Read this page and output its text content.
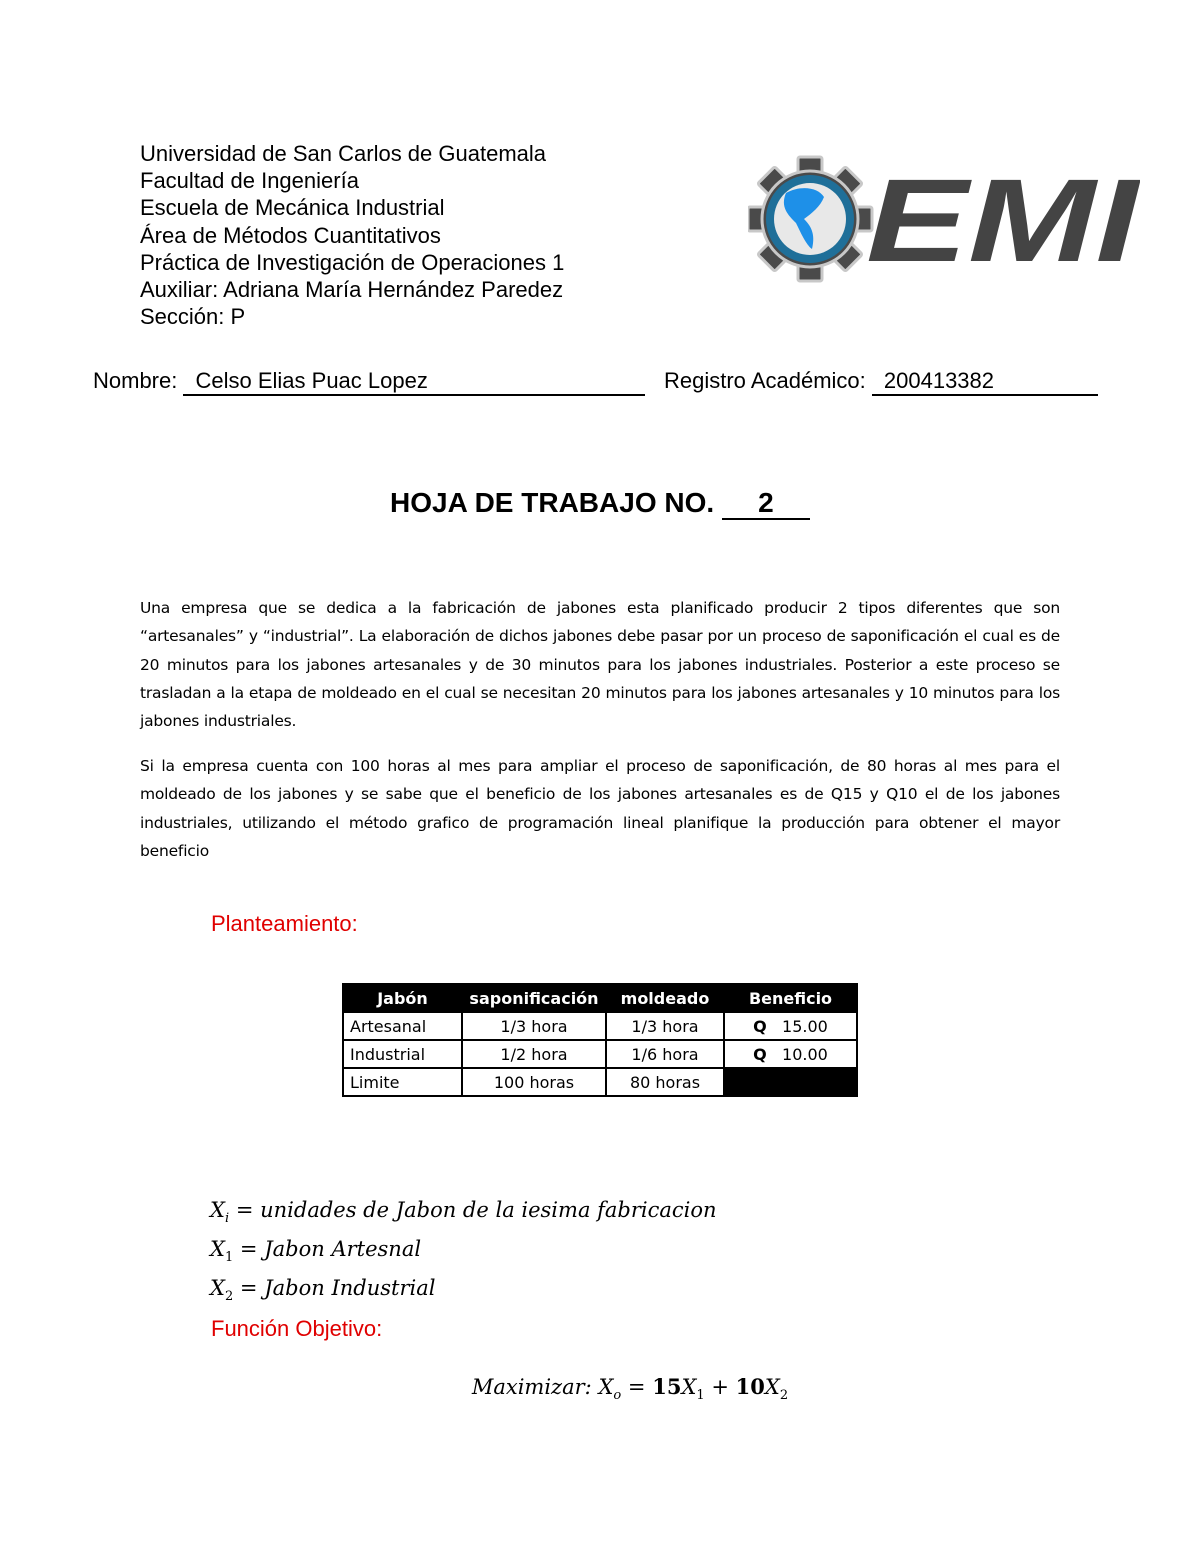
Universidad de San Carlos de Guatemala
Facultad de Ingeniería
Escuela de Mecánica Industrial
Área de Métodos Cuantitativos
Práctica de Investigación de Operaciones 1
Auxiliar: Adriana María Hernández Paredez
Sección: P
EMI
Nombre: Celso Elias Puac Lopez	Registro Académico: 200413382
HOJA DE TRABAJO NO. 2
Una empresa que se dedica a la fabricación de jabones esta planificado producir 2 tipos diferentes que son “artesanales” y “industrial”. La elaboración de dichos jabones debe pasar por un proceso de saponificación el cual es de 20 minutos para los jabones artesanales y de 30 minutos para los jabones industriales. Posterior a este proceso se trasladan a la etapa de moldeado en el cual se necesitan 20 minutos para los jabones artesanales y 10 minutos para los jabones industriales.
Si la empresa cuenta con 100 horas al mes para ampliar el proceso de saponificación, de 80 horas al mes para el moldeado de los jabones y se sabe que el beneficio de los jabones artesanales es de Q15 y Q10 el de los jabones industriales, utilizando el método grafico de programación lineal planifique la producción para obtener el mayor beneficio
Planteamiento:
Jabón	saponificación	moldeado	Beneficio
Artesanal	1/3 hora	1/3 hora	Q 15.00
Industrial	1/2 hora	1/6 hora	Q 10.00
Limite	100 horas	80 horas	
$X_i$ = unidades de Jabon de la iesima fabricacion
$X_1$ = Jabon Artesnal
$X_2$ = Jabon Industrial
Función Objetivo:
Maximizar: $X_o = 15X_1 + 10X_2$
